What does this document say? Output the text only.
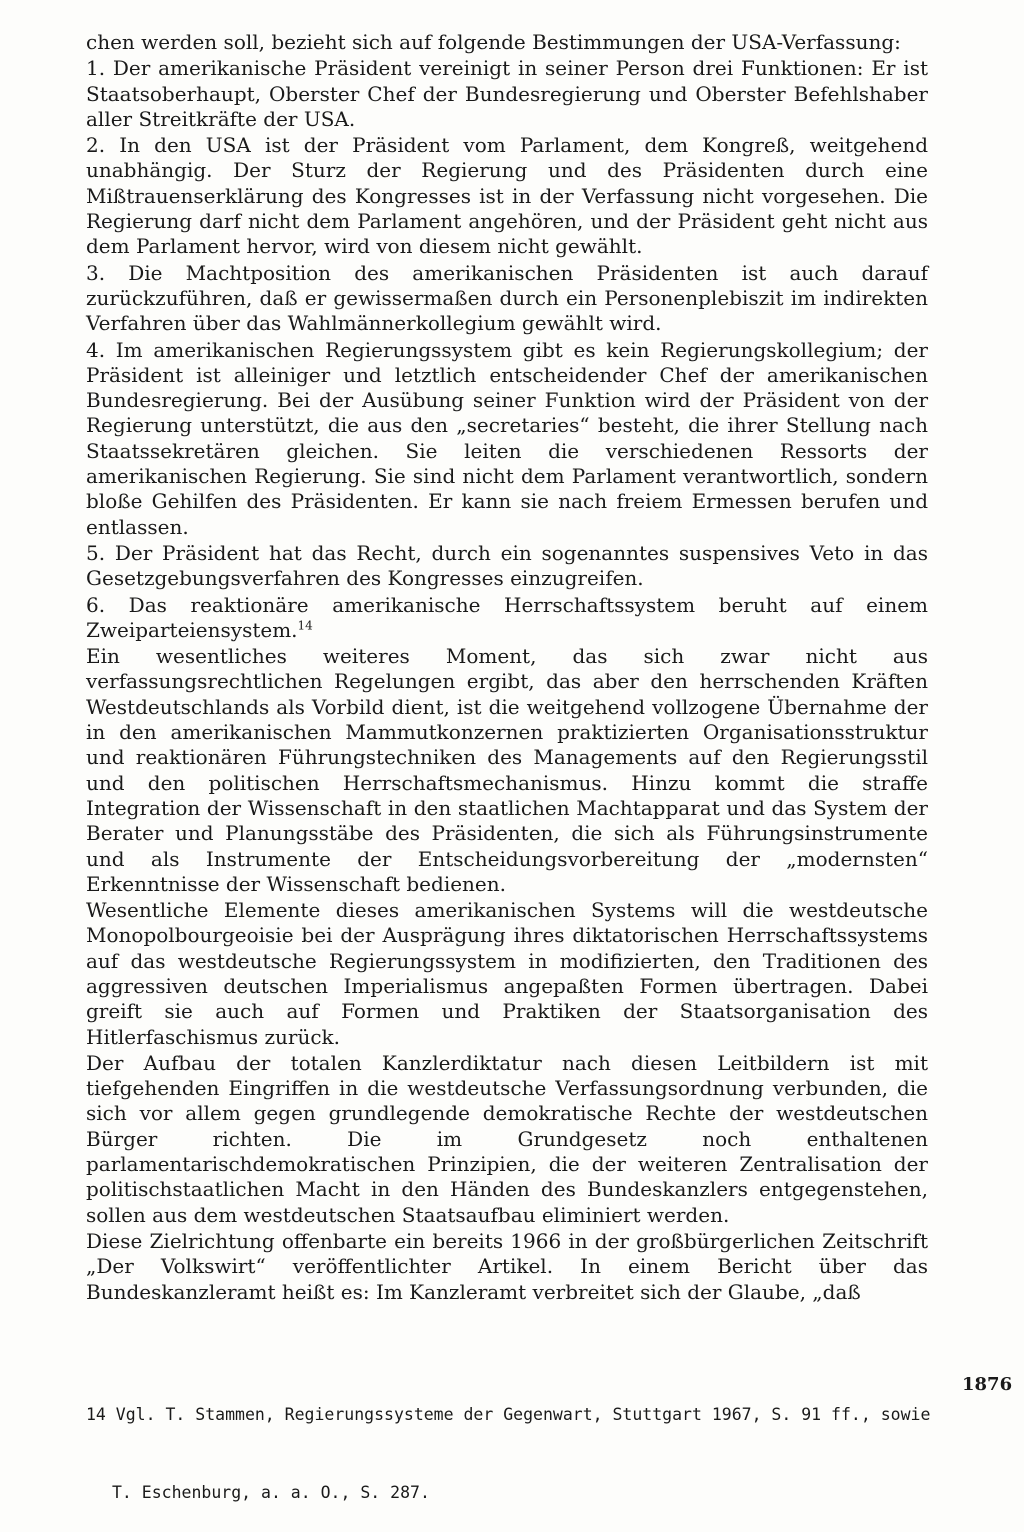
chen werden soll, bezieht sich auf folgende Bestimmungen der USA-Verfassung:

1. Der amerikanische Präsident vereinigt in seiner Person drei Funktionen: Er ist Staatsoberhaupt, Oberster Chef der Bundesregierung und Oberster Befehlshaber aller Streitkräfte der USA.

2. In den USA ist der Präsident vom Parlament, dem Kongreß, weitgehend unabhängig. Der Sturz der Regierung und des Präsidenten durch eine Mißtrauenserklärung des Kongresses ist in der Verfassung nicht vorgesehen. Die Regierung darf nicht dem Parlament angehören, und der Präsident geht nicht aus dem Parlament hervor, wird von diesem nicht gewählt.

3. Die Machtposition des amerikanischen Präsidenten ist auch darauf zurückzuführen, daß er gewissermaßen durch ein Personenplebiszit im indirekten Verfahren über das Wahlmännerkollegium gewählt wird.

4. Im amerikanischen Regierungssystem gibt es kein Regierungskollegium; der Präsident ist alleiniger und letztlich entscheidender Chef der amerikanischen Bundesregierung. Bei der Ausübung seiner Funktion wird der Präsident von der Regierung unterstützt, die aus den „secretaries“ besteht, die ihrer Stellung nach Staatssekretären gleichen. Sie leiten die verschiedenen Ressorts der amerikanischen Regierung. Sie sind nicht dem Parlament verantwortlich, sondern bloße Gehilfen des Präsidenten. Er kann sie nach freiem Ermessen berufen und entlassen.

5. Der Präsident hat das Recht, durch ein sogenanntes suspensives Veto in das Gesetzgebungsverfahren des Kongresses einzugreifen.

6. Das reaktionäre amerikanische Herrschaftssystem beruht auf einem Zweiparteiensystem.$^{14}$

Ein wesentliches weiteres Moment, das sich zwar nicht aus verfassungsrechtlichen Regelungen ergibt, das aber den herrschenden Kräften Westdeutschlands als Vorbild dient, ist die weitgehend vollzogene Übernahme der in den amerikanischen Mammutkonzernen praktizierten Organisationsstruktur und reaktionären Führungstechniken des Managements auf den Regierungsstil und den politischen Herrschaftsmechanismus. Hinzu kommt die straffe Integration der Wissenschaft in den staatlichen Machtapparat und das System der Berater und Planungsstäbe des Präsidenten, die sich als Führungsinstrumente und als Instrumente der Entscheidungsvorbereitung der „modernsten“ Erkenntnisse der Wissenschaft bedienen.

Wesentliche Elemente dieses amerikanischen Systems will die westdeutsche Monopolbourgeoisie bei der Ausprägung ihres diktatorischen Herrschaftssystems auf das westdeutsche Regierungssystem in modifizierten, den Traditionen des aggressiven deutschen Imperialismus angepaßten Formen übertragen. Dabei greift sie auch auf Formen und Praktiken der Staatsorganisation des Hitlerfaschismus zurück.

Der Aufbau der totalen Kanzlerdiktatur nach diesen Leitbildern ist mit tiefgehenden Eingriffen in die westdeutsche Verfassungsordnung verbunden, die sich vor allem gegen grundlegende demokratische Rechte der westdeutschen Bürger richten. Die im Grundgesetz noch enthaltenen parlamentarischdemokratischen Prinzipien, die der weiteren Zentralisation der politischstaatlichen Macht in den Händen des Bundeskanzlers entgegenstehen, sollen aus dem westdeutschen Staatsaufbau eliminiert werden.

Diese Zielrichtung offenbarte ein bereits 1966 in der großbürgerlichen Zeitschrift „Der Volkswirt“ veröffentlichter Artikel. In einem Bericht über das Bundeskanzleramt heißt es: Im Kanzleramt verbreitet sich der Glaube, „daß

14 Vgl. T. Stammen, Regierungssysteme der Gegenwart, Stuttgart 1967, S. 91 ff., sowie

T. Eschenburg, a. a. O., S. 287.

1876
